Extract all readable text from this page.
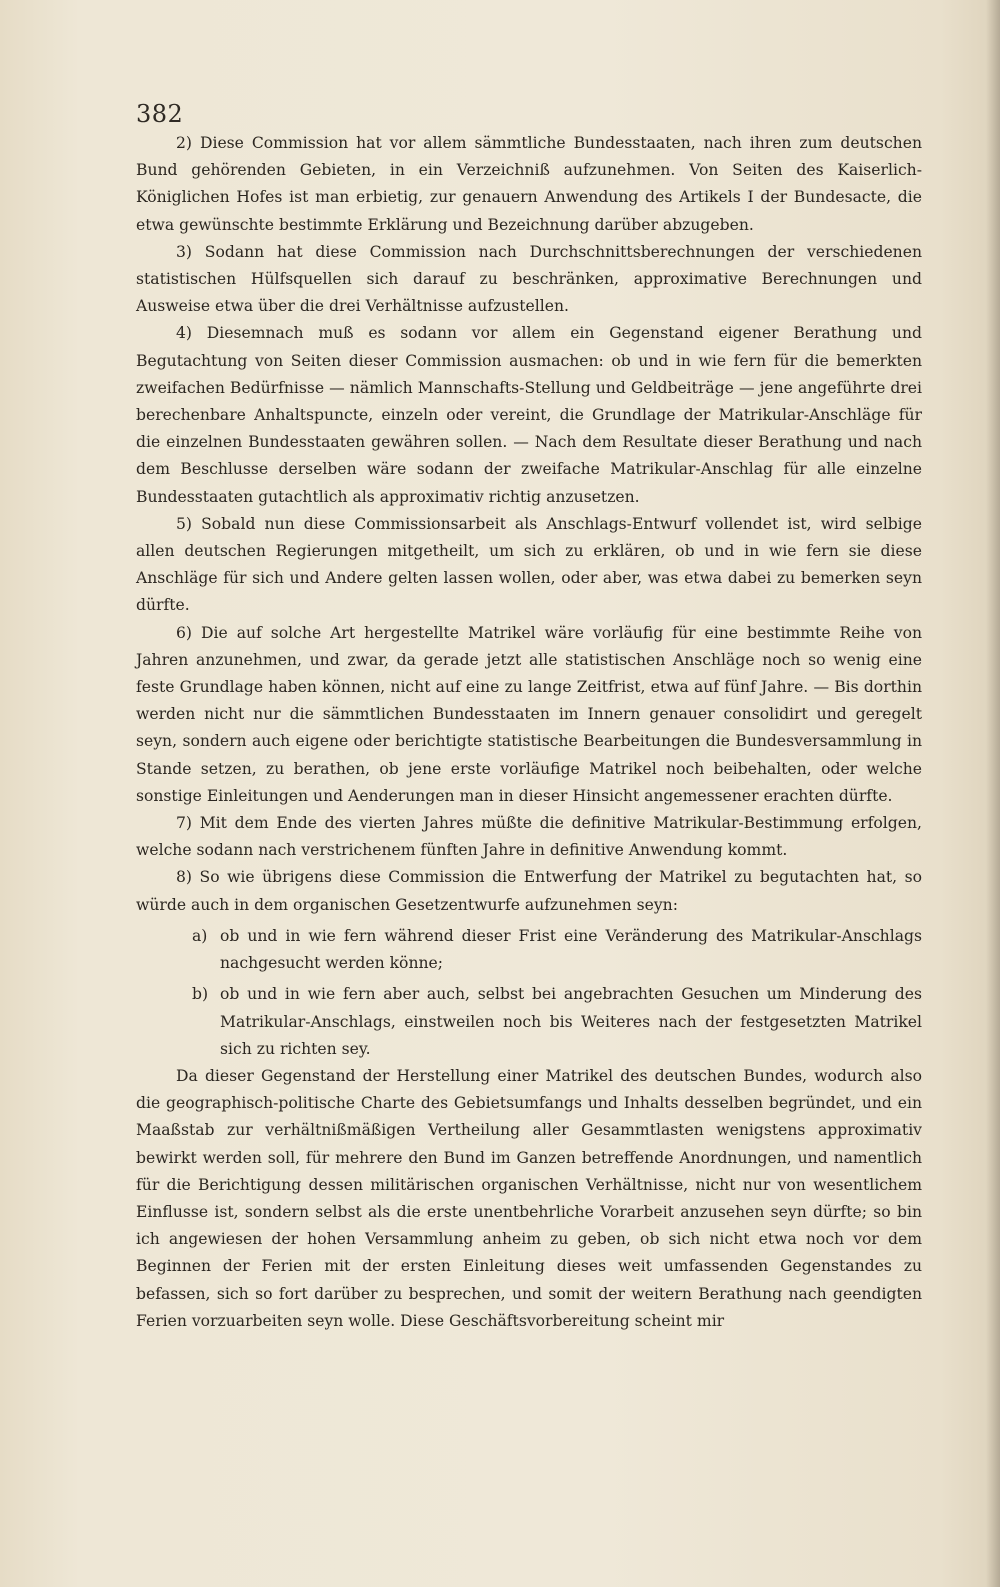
382

2) Diese Commission hat vor allem sämmtliche Bundesstaaten, nach ihren zum deutschen Bund gehörenden Gebieten, in ein Verzeichniß aufzunehmen. Von Seiten des Kaiserlich-Königlichen Hofes ist man erbietig, zur genauern Anwendung des Artikels I der Bundesacte, die etwa gewünschte bestimmte Erklärung und Bezeichnung darüber abzugeben.

3) Sodann hat diese Commission nach Durchschnittsberechnungen der verschiedenen statistischen Hülfsquellen sich darauf zu beschränken, approximative Berechnungen und Ausweise etwa über die drei Verhältnisse aufzustellen.

4) Diesemnach muß es sodann vor allem ein Gegenstand eigener Berathung und Begutachtung von Seiten dieser Commission ausmachen: ob und in wie fern für die bemerkten zweifachen Bedürfnisse — nämlich Mannschafts-Stellung und Geldbeiträge — jene angeführte drei berechenbare Anhaltspuncte, einzeln oder vereint, die Grundlage der Matrikular-Anschläge für die einzelnen Bundesstaaten gewähren sollen. — Nach dem Resultate dieser Berathung und nach dem Beschlusse derselben wäre sodann der zweifache Matrikular-Anschlag für alle einzelne Bundesstaaten gutachtlich als approximativ richtig anzusetzen.

5) Sobald nun diese Commissionsarbeit als Anschlags-Entwurf vollendet ist, wird selbige allen deutschen Regierungen mitgetheilt, um sich zu erklären, ob und in wie fern sie diese Anschläge für sich und Andere gelten lassen wollen, oder aber, was etwa dabei zu bemerken seyn dürfte.

6) Die auf solche Art hergestellte Matrikel wäre vorläufig für eine bestimmte Reihe von Jahren anzunehmen, und zwar, da gerade jetzt alle statistischen Anschläge noch so wenig eine feste Grundlage haben können, nicht auf eine zu lange Zeitfrist, etwa auf fünf Jahre. — Bis dorthin werden nicht nur die sämmtlichen Bundesstaaten im Innern genauer consolidirt und geregelt seyn, sondern auch eigene oder berichtigte statistische Bearbeitungen die Bundesversammlung in Stande setzen, zu berathen, ob jene erste vorläufige Matrikel noch beibehalten, oder welche sonstige Einleitungen und Aenderungen man in dieser Hinsicht angemessener erachten dürfte.

7) Mit dem Ende des vierten Jahres müßte die definitive Matrikular-Bestimmung erfolgen, welche sodann nach verstrichenem fünften Jahre in definitive Anwendung kommt.

8) So wie übrigens diese Commission die Entwerfung der Matrikel zu begutachten hat, so würde auch in dem organischen Gesetzentwurfe aufzunehmen seyn:

a) ob und in wie fern während dieser Frist eine Veränderung des Matrikular-Anschlags nachgesucht werden könne;

b) ob und in wie fern aber auch, selbst bei angebrachten Gesuchen um Minderung des Matrikular-Anschlags, einstweilen noch bis Weiteres nach der festgesetzten Matrikel sich zu richten sey.

Da dieser Gegenstand der Herstellung einer Matrikel des deutschen Bundes, wodurch also die geographisch-politische Charte des Gebietsumfangs und Inhalts desselben begründet, und ein Maaßstab zur verhältnißmäßigen Vertheilung aller Gesammtlasten wenigstens approximativ bewirkt werden soll, für mehrere den Bund im Ganzen betreffende Anordnungen, und namentlich für die Berichtigung dessen militärischen organischen Verhältnisse, nicht nur von wesentlichem Einflusse ist, sondern selbst als die erste unentbehrliche Vorarbeit anzusehen seyn dürfte; so bin ich angewiesen der hohen Versammlung anheim zu geben, ob sich nicht etwa noch vor dem Beginnen der Ferien mit der ersten Einleitung dieses weit umfassenden Gegenstandes zu befassen, sich so fort darüber zu besprechen, und somit der weitern Berathung nach geendigten Ferien vorzuarbeiten seyn wolle. Diese Geschäftsvorbereitung scheint mir
